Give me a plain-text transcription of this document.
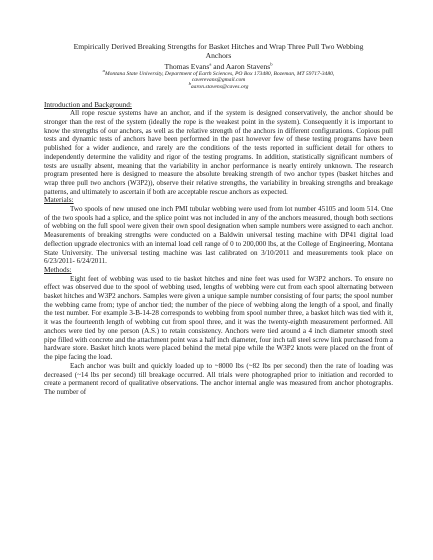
Empirically Derived Breaking Strengths for Basket Hitches and Wrap Three Pull Two Webbing
Anchors
Thomas Evans$^a$ and Aaron Stavens$^b$
$^a$Montana State University, Department of Earth Sciences, PO Box 173480, Bozeman, MT 59717-3480,
caverevans@gmail.com
$^b$aaron.stavens@caves.org

Introduction and Background:

All rope rescue systems have an anchor, and if the system is designed conservatively, the anchor should be stronger than the rest of the system (ideally the rope is the weakest point in the system). Consequently it is important to know the strengths of our anchors, as well as the relative strength of the anchors in different configurations. Copious pull tests and dynamic tests of anchors have been performed in the past however few of these testing programs have been published for a wider audience, and rarely are the conditions of the tests reported in sufficient detail for others to independently determine the validity and rigor of the testing programs. In addition, statistically significant numbers of tests are usually absent, meaning that the variability in anchor performance is nearly entirely unknown. The research program presented here is designed to measure the absolute breaking strength of two anchor types (basket hitches and wrap three pull two anchors (W3P2)), observe their relative strengths, the variability in breaking strengths and breakage patterns, and ultimately to ascertain if both are acceptable rescue anchors as expected.

Materials:

Two spools of new unused one inch PMI tubular webbing were used from lot number 45105 and loom 514. One of the two spools had a splice, and the splice point was not included in any of the anchors measured, though both sections of webbing on the full spool were given their own spool designation when sample numbers were assigned to each anchor. Measurements of breaking strengths were conducted on a Baldwin universal testing machine with DP41 digital load deflection upgrade electronics with an internal load cell range of 0 to 200,000 lbs, at the College of Engineering, Montana State University. The universal testing machine was last calibrated on 3/10/2011 and measurements took place on 6/23/2011- 6/24/2011.

Methods:

Eight feet of webbing was used to tie basket hitches and nine feet was used for W3P2 anchors. To ensure no effect was observed due to the spool of webbing used, lengths of webbing were cut from each spool alternating between basket hitches and W3P2 anchors. Samples were given a unique sample number consisting of four parts; the spool number the webbing came from; type of anchor tied; the number of the piece of webbing along the length of a spool, and finally the test number. For example 3-B-14-28 corresponds to webbing from spool number three, a basket hitch was tied with it, it was the fourteenth length of webbing cut from spool three, and it was the twenty-eighth measurement performed. All anchors were tied by one person (A.S.) to retain consistency. Anchors were tied around a 4 inch diameter smooth steel pipe filled with concrete and the attachment point was a half inch diameter, four inch tall steel screw link purchased from a hardware store. Basket hitch knots were placed behind the metal pipe while the W3P2 knots were placed on the front of the pipe facing the load.

Each anchor was built and quickly loaded up to ~8000 lbs (~82 lbs per second) then the rate of loading was decreased (~14 lbs per second) till breakage occurred. All trials were photographed prior to initiation and recorded to create a permanent record of qualitative observations. The anchor internal angle was measured from anchor photographs. The number of
